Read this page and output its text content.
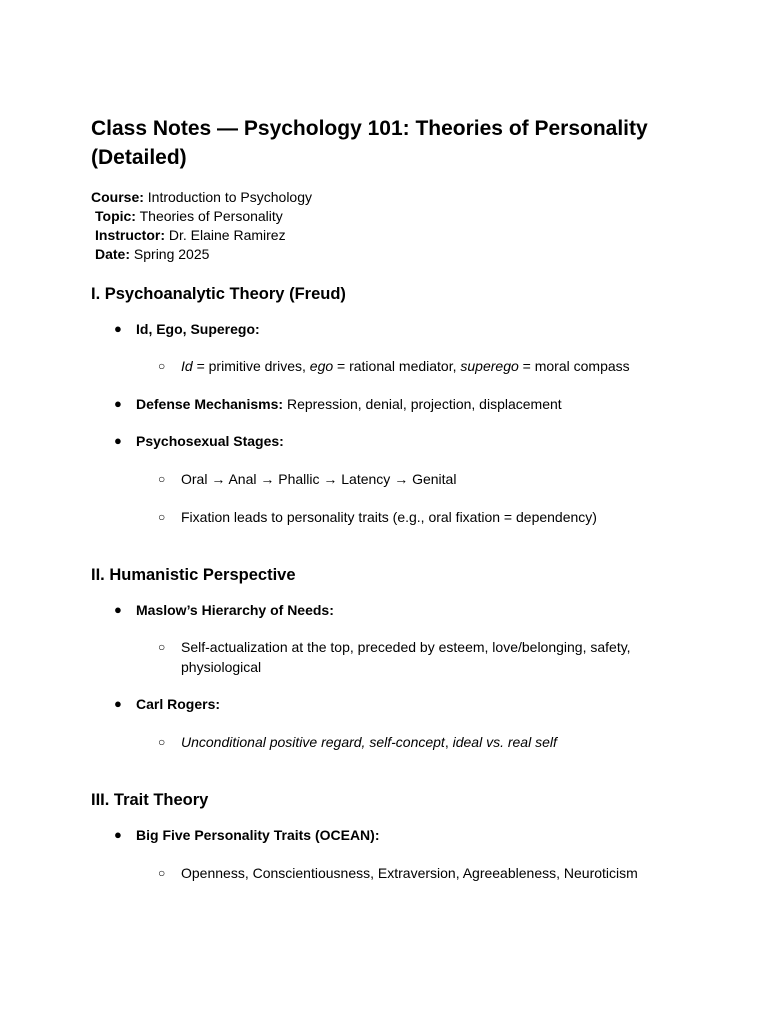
Class Notes — Psychology 101: Theories of Personality (Detailed)
Course: Introduction to Psychology
Topic: Theories of Personality
Instructor: Dr. Elaine Ramirez
Date: Spring 2025
I. Psychoanalytic Theory (Freud)
● Id, Ego, Superego:
○ Id = primitive drives, ego = rational mediator, superego = moral compass
● Defense Mechanisms: Repression, denial, projection, displacement
● Psychosexual Stages:
○ Oral → Anal → Phallic → Latency → Genital
○ Fixation leads to personality traits (e.g., oral fixation = dependency)
II. Humanistic Perspective
● Maslow’s Hierarchy of Needs:
○ Self-actualization at the top, preceded by esteem, love/belonging, safety, physiological
● Carl Rogers:
○ Unconditional positive regard, self-concept, ideal vs. real self
III. Trait Theory
● Big Five Personality Traits (OCEAN):
○ Openness, Conscientiousness, Extraversion, Agreeableness, Neuroticism
